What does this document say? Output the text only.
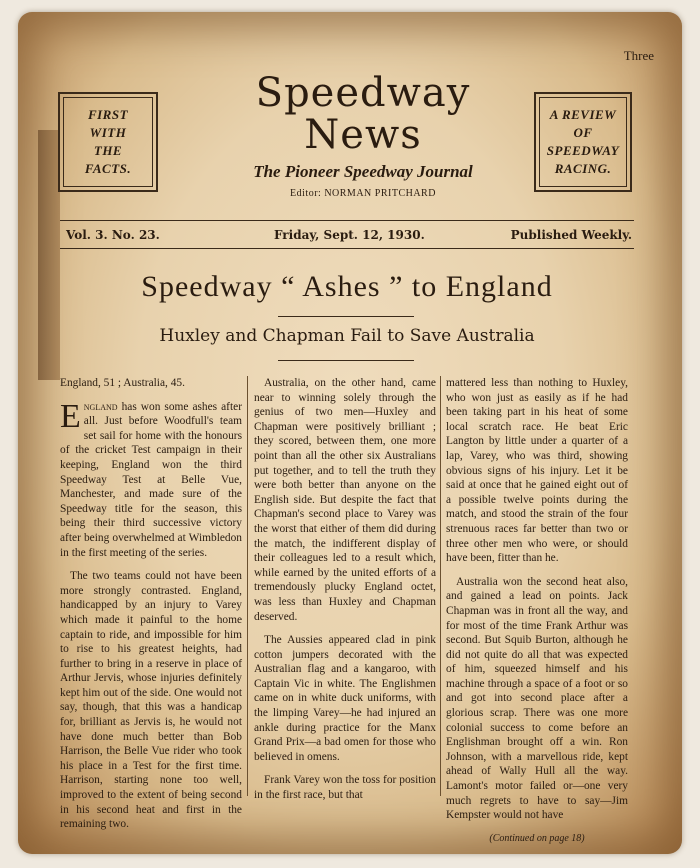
Three
FIRST
WITH
THE
FACTS.
A REVIEW
OF
SPEEDWAY
RACING.
Speedway
News
The Pioneer Speedway Journal
Editor: NORMAN PRITCHARD
Vol. 3. No. 23.	Friday, Sept. 12, 1930.	Published Weekly.
Speedway “ Ashes ” to England
Huxley and Chapman Fail to Save Australia

England, 51 ; Australia, 45.

England has won some ashes after all. Just before Woodfull's team set sail for home with the honours of the cricket Test campaign in their keeping, England won the third Speedway Test at Belle Vue, Manchester, and made sure of the Speedway title for the season, this being their third successive victory after being overwhelmed at Wimbledon in the first meeting of the series.

The two teams could not have been more strongly contrasted. England, handicapped by an injury to Varey which made it painful to the home captain to ride, and impossible for him to rise to his greatest heights, had further to bring in a reserve in place of Arthur Jervis, whose injuries definitely kept him out of the side. One would not say, though, that this was a handicap for, brilliant as Jervis is, he would not have done much better than Bob Harrison, the Belle Vue rider who took his place in a Test for the first time. Harrison, starting none too well, improved to the extent of being second in his second heat and first in the remaining two.

Australia, on the other hand, came near to winning solely through the genius of two men—Huxley and Chapman were positively brilliant ; they scored, between them, one more point than all the other six Australians put together, and to tell the truth they were both better than anyone on the English side. But despite the fact that Chapman's second place to Varey was the worst that either of them did during the match, the indifferent display of their colleagues led to a result which, while earned by the united efforts of a tremendously plucky England octet, was less than Huxley and Chapman deserved.

The Aussies appeared clad in pink cotton jumpers decorated with the Australian flag and a kangaroo, with Captain Vic in white. The Englishmen came on in white duck uniforms, with the limping Varey—he had injured an ankle during practice for the Manx Grand Prix—a bad omen for those who believed in omens.

Frank Varey won the toss for position in the first race, but that

mattered less than nothing to Huxley, who won just as easily as if he had been taking part in his heat of some local scratch race. He beat Eric Langton by little under a quarter of a lap, Varey, who was third, showing obvious signs of his injury. Let it be said at once that he gained eight out of a possible twelve points during the match, and stood the strain of the four strenuous races far better than two or three other men who were, or should have been, fitter than he.

Australia won the second heat also, and gained a lead on points. Jack Chapman was in front all the way, and for most of the time Frank Arthur was second. But Squib Burton, although he did not quite do all that was expected of him, squeezed himself and his machine through a space of a foot or so and got into second place after a glorious scrap. There was one more colonial success to come before an Englishman brought off a win. Ron Johnson, with a marvellous ride, kept ahead of Wally Hull all the way. Lamont's motor failed or—one very much regrets to have to say—Jim Kempster would not have

(Continued on page 18)
